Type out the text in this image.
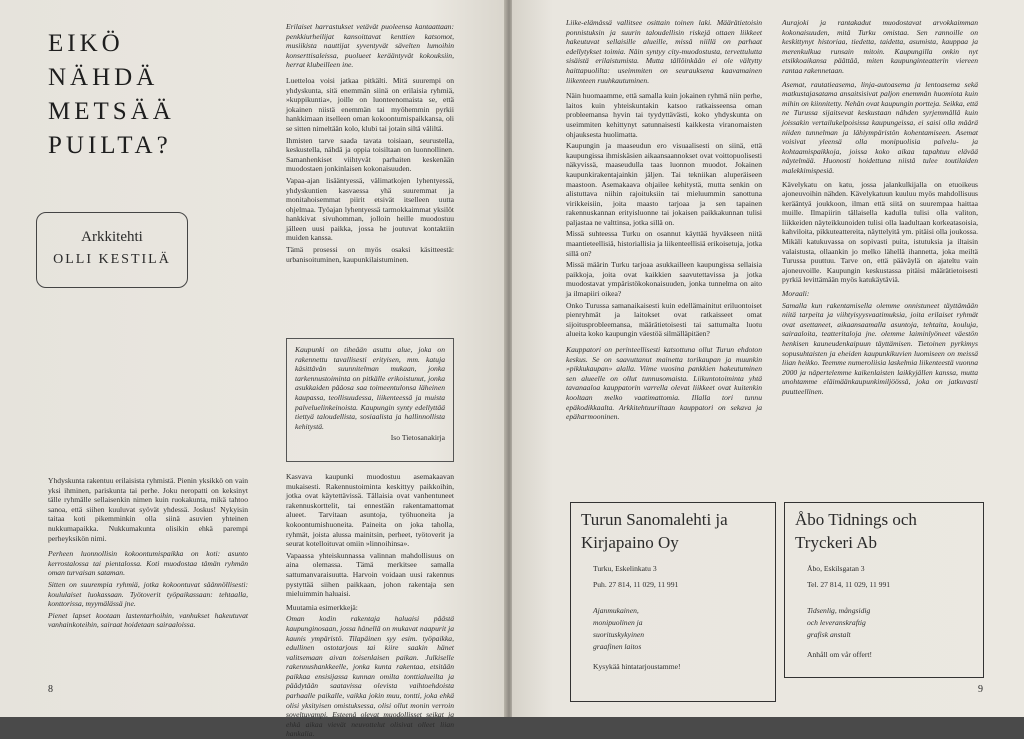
EIKÖ
NÄHDÄ
METSÄÄ
PUILTA?
Arkkitehti
OLLI KESTILÄ

Yhdyskunta rakentuu erilaisista ryhmistä. Pienin yksikkö on vain yksi ihminen, pariskunta tai perhe. Joku neropatti on keksinyt tälle ryhmälle sellaisenkin nimen kuin ruokakunta, mikä tahtoo sanoa, että siihen kuuluvat syövät yhdessä. Joskus! Nykyisin taitaa koti pikemminkin olla siinä asuvien yhteinen nukkumapaikka. Nukkumakunta olisikin ehkä parempi perheyksikön nimi.

Perheen luonnollisin kokoontumispaikka on koti: asunto kerrostalossa tai pientalossa. Koti muodostaa tämän ryhmän oman turvaisan sataman.

Sitten on suurempia ryhmiä, jotka kokoontuvat säännöllisesti: koululaiset luokassaan. Työtoverit työpaikassaan: tehtaalla, konttorissa, myymälässä jne.

Pienet lapset kootaan lastentarhoihin, vanhukset hakeutuvat vanhainkoteihin, sairaat hoidetaan sairaaloissa.

Erilaiset harrastukset vetävät puoleensa kantaattaan: penkkiurheilijat kansoittavat kenttien katsomot, musiikista nauttijat syventyvät sävelten lumoihin konserttisaleissa, puolueet kerääntyvät kokouksiin, herrat klubeilleen ine.

Luetteloa voisi jatkaa pitkälti. Mitä suurempi on yhdyskunta, sitä enemmän siinä on erilaisia ryhmiä, »kuppikuntia», joille on luonteenomaista se, että jokainen niistä enemmän tai myöhemmin pyrkii hankkimaan itselleen oman kokoontumispaikkansa, oli se sitten nimeltään kolo, klubi tai jotain siltä väliltä.

Ihmisten tarve saada tavata toisiaan, seurustella, keskustella, nähdä ja oppia toisiltaan on luonnollinen. Samanhenkiset viihtyvät parhaiten keskenään muodostaen jonkinlaisen kokonaisuuden.

Vapaa-ajan lisääntyessä, välimatkojen lyhentyessä, yhdyskuntien kasvaessa yhä suuremmat ja monitahoisemmat piirit etsivät itselleen uutta ohjelmaa. Työajan lyhentyessä tarmokkaimmat yksilöt hankkivat sivuhomman, jolloin heille muodostuu jälleen uusi paikka, jossa he joutuvat kontaktiin muiden kanssa.

Tämä prosessi on myös osaksi käsitteestä: urbanisoituminen, kaupunkilaistuminen.

Kaupunki on tiheään asuttu alue, joka on rakennettu tavallisesti erityisen, mm. katuja käsittävän suunnitelman mukaan, jonka tarkennustoiminta on pitkälle erikoistunut, jonka asukkaiden pääosa saa toimeentulonsa läheinen kaupassa, teollisuudessa, liikenteessä ja muista palveluelinkeinoista. Kaupungin synty edellyttää tiettyä taloudellista, sosiaalista ja hallinnollista kehitystä.
Iso Tietosanakirja

Kasvava kaupunki muodostuu asemakaavan mukaisesti. Rakennustoiminta keskittyy paikkoihin, jotka ovat käytettävissä. Tällaisia ovat vanhentuneet rakennuskorttelit, tai ennestään rakentamattomat alueet. Tarvitaan asuntoja, työhuoneita ja kokoontumishuoneita. Paineita on joka taholla, ryhmät, joista alussa mainitsin, perheet, työtoverit ja seurat kotelloituvat omiin »linnoihinsa».

Vapaassa yhteiskunnassa valinnan mahdollisuus on aina olemassa. Tämä merkitsee samalla sattumanvaraisuutta. Harvoin voidaan uusi rakennus pystyttää siihen paikkaan, johon rakentaja sen mieluimmin haluaisi.

Muutamia esimerkkejä:

Oman kodin rakentaja haluaisi päästä kaupunginosaan, jossa hänellä on mukavat naapurit ja kaunis ympäristö. Tilapäinen syy esim. työpaikka, edullinen ostotarjous tai kiire saakin hänet valitsemaan aivan toisenlaisen paikan. Julkiselle rakennushankkeelle, jonka kunta rakentaa, etsitään paikkaa ensisijassa kunnan omilta tonttialueilta ja päädytään saatavissa olevista vaihtoehdoista parhaalle paikalle, vaikka jokin muu, tontti, joka ehkä olisi yksityisen omistuksessa, olisi ollut monin verroin soveltuvampi. Esteenä olevat muodollisset seikat ja ehkä aikaa vievät neuvottelut olisivat olleet liian hankalia.

8

Liike-elämässä vallitsee osittain toinen laki. Määrätietoisin ponnistuksin ja suurin taloudellisin riskejä ottaen liikkeet hakeutuvat sellaisille alueille, missä niillä on parhaat edellytykset toimia. Näin syntyy city-muodostusta, tervettulutta sisäistä erilaistumista. Mutta tällöinkään ei ole vältytty haittapuolilta: useimmiten on seurauksena kaavamainen liikenteen ruuhkautuminen.

Näin huomaamme, että samalla kuin jokainen ryhmä niin perhe, laitos kuin yhteiskuntakin katsoo ratkaisseensa oman probleemansa hyvin tai tyydyttävästi, koko yhdyskunta on useimmiten kehittynyt satunnaisesti kaikkesta viranomaisten ohjauksesta huolimatta.

Kaupungin ja maaseudun ero visuaalisesti on siinä, että kaupungissa ihmiskäsien aikaansaannokset ovat voittopuolisesti näkyvissä, maaseudulla taas luonnon muodot. Jokainen kaupunkirakentajainkin jäljen. Tai tekniikan aluperäiseen maastoon. Asemakaava ohjailee kehitystä, mutta senkin on alistuttava niihin rajoituksiin tai mieluummin sanottuna virikkeisiin, joita maasto tarjoaa ja sen tapainen rakennuskannan erityisluonne tai jokaisen paikkakunnan tulisi paljastaa ne valttinsa, jotka sillä on.

Missä suhteessa Turku on osannut käyttää hyväkseen niitä maantieteellisiä, historiallisia ja liikenteellisiä erikoisetuja, jotka sillä on?

Missä määrin Turku tarjoaa asukkailleen kaupungissa sellaisia paikkoja, joita ovat kaikkien saavutettavissa ja jotka muodostavat ympäristökokonaisuuden, jonka tunnelma on aito ja ilmapiiri oikea?

Onko Turussa samanaikaisesti kuin edellämainitut eriluontoiset pienryhmät ja laitokset ovat ratkaisseet omat sijoitusprobleemansa, määrätietoisesti tai sattumalta luotu alueita koko kaupungin väestöä silmälläpitäen?

Kauppatori on perinteellisesti katsottuna ollut Turun ehdoton keskus. Se on saavuttanut mainetta torikaupan ja muunkin »pikkukaupan» alalla. Viime vuosina pankkien hakeutuminen sen alueelle on ollut tunnusomaista. Liikuntotoiminta yhtä tavanaaloa kauppatorin varrella olevat liikkeet ovat kuitenkin kooltaan melko vaatimattomia. Illalla tori tunnu epäkodikkaalta. Arkkitehtuuriltaan kauppatori on sekava ja epäharmooninen.

Aurajoki ja rantakadut muodostavat arvokkaimman kokonaisuuden, mitä Turku omistaa. Sen rannoille on keskittynyt historiaa, tiedetta, taidetta, asumista, kauppaa ja merenkulkua runsain mitoin. Kaupungilla onkin nyt etsikkoaikansa päättää, miten kaupunginteatterin viereen rantaa rakennetaan.

Asemat, rautatieasema, linja-autoasema ja lentoasema sekä matkustajasatama ansaitsisivat paljon enemmän huomiota kuin mihin on kiinnitetty. Nehän ovat kaupungin portteja. Seikka, että ne Turussa sijaitsevat keskustaan nähden syrjemmällä kuin joissakin vertailukelpoisissa kaupungeissa, ei saisi olla määrä niiden tunnelman ja lähiympäristön kohentamiseen. Asemat voisivat yleensä olla monipuolisia palvelu- ja kohtaamispaikkoja, joissa koko aikaa tapahtuu elävää näytelmää. Huonosti hoidettuna niistä tulee toutilaiden malekkimispesiä.

Kävelykatu on katu, jossa jalankulkijalla on etuoikeus ajoneuvoihin nähden. Kävelykatuun kuuluu myös mahdollisuus kerääntyä joukkoon, ilman että siitä on suurempaa haittaa muille. Ilmapiirin tällaisella kadulla tulisi olla valiton, liikkeiden näyteikkunoiden tulisi olla laadultaan korkeatasoisia, kahviloita, pikkuteattereita, näyttelyitä ym. pitäisi olla joukossa. Mikäli katukuvassa on sopivasti puita, istutuksia ja iltaisin valaistusta, ollaankin jo melko lähellä ihannetta, joka meiltä Turussa puuttuu. Tarve on, että pääväylä on ajateltu vain ajoneuvoille. Kaupungin keskustassa pitäisi määrätietoisesti pyrkiä levittämään myös katukäytäviä.

Moraali:

Samalla kun rakentamisella olemme onnistuneet täyttämään niitä tarpeita ja viihtyisyysvaatimuksia, joita erilaiset ryhmät ovat asettaneet, aikaansaamalla asuntoja, tehtaita, kouluja, sairaaloita, teatteritaloja jne. olemme laiminlyöneet väestön henkisen kauneudenkaipuun täyttämisen. Tietoinen pyrkimys sopusuhtaisten ja eheiden kaupunkikuvien luomiseen on meissä liian heikko. Teemme numeroliisia laskelmia liikenteestä vuonna 2000 ja näpertelemme kaikenlaisten laikkyjällen kanssa, mutta unohtamme eläimäänkaupunkimiljöössä, joka on jatkuvasti puutteellinen.

Turun Sanomalehti ja
Kirjapaino Oy
Turku, Eskelinkatu 3
Puh. 27 814, 11 029, 11 991
Ajanmukainen,
monipuolinen ja
suorituskykyinen
graafinen laitos
Kysykää hintatarjoustamme!
Åbo Tidnings och
Tryckeri Ab
Åbo, Eskilsgatan 3
Tel. 27 814, 11 029, 11 991
Tidsenlig, mångsidig
och leveranskraftig
grafisk anstalt
Anhåll om vår offert!
9
